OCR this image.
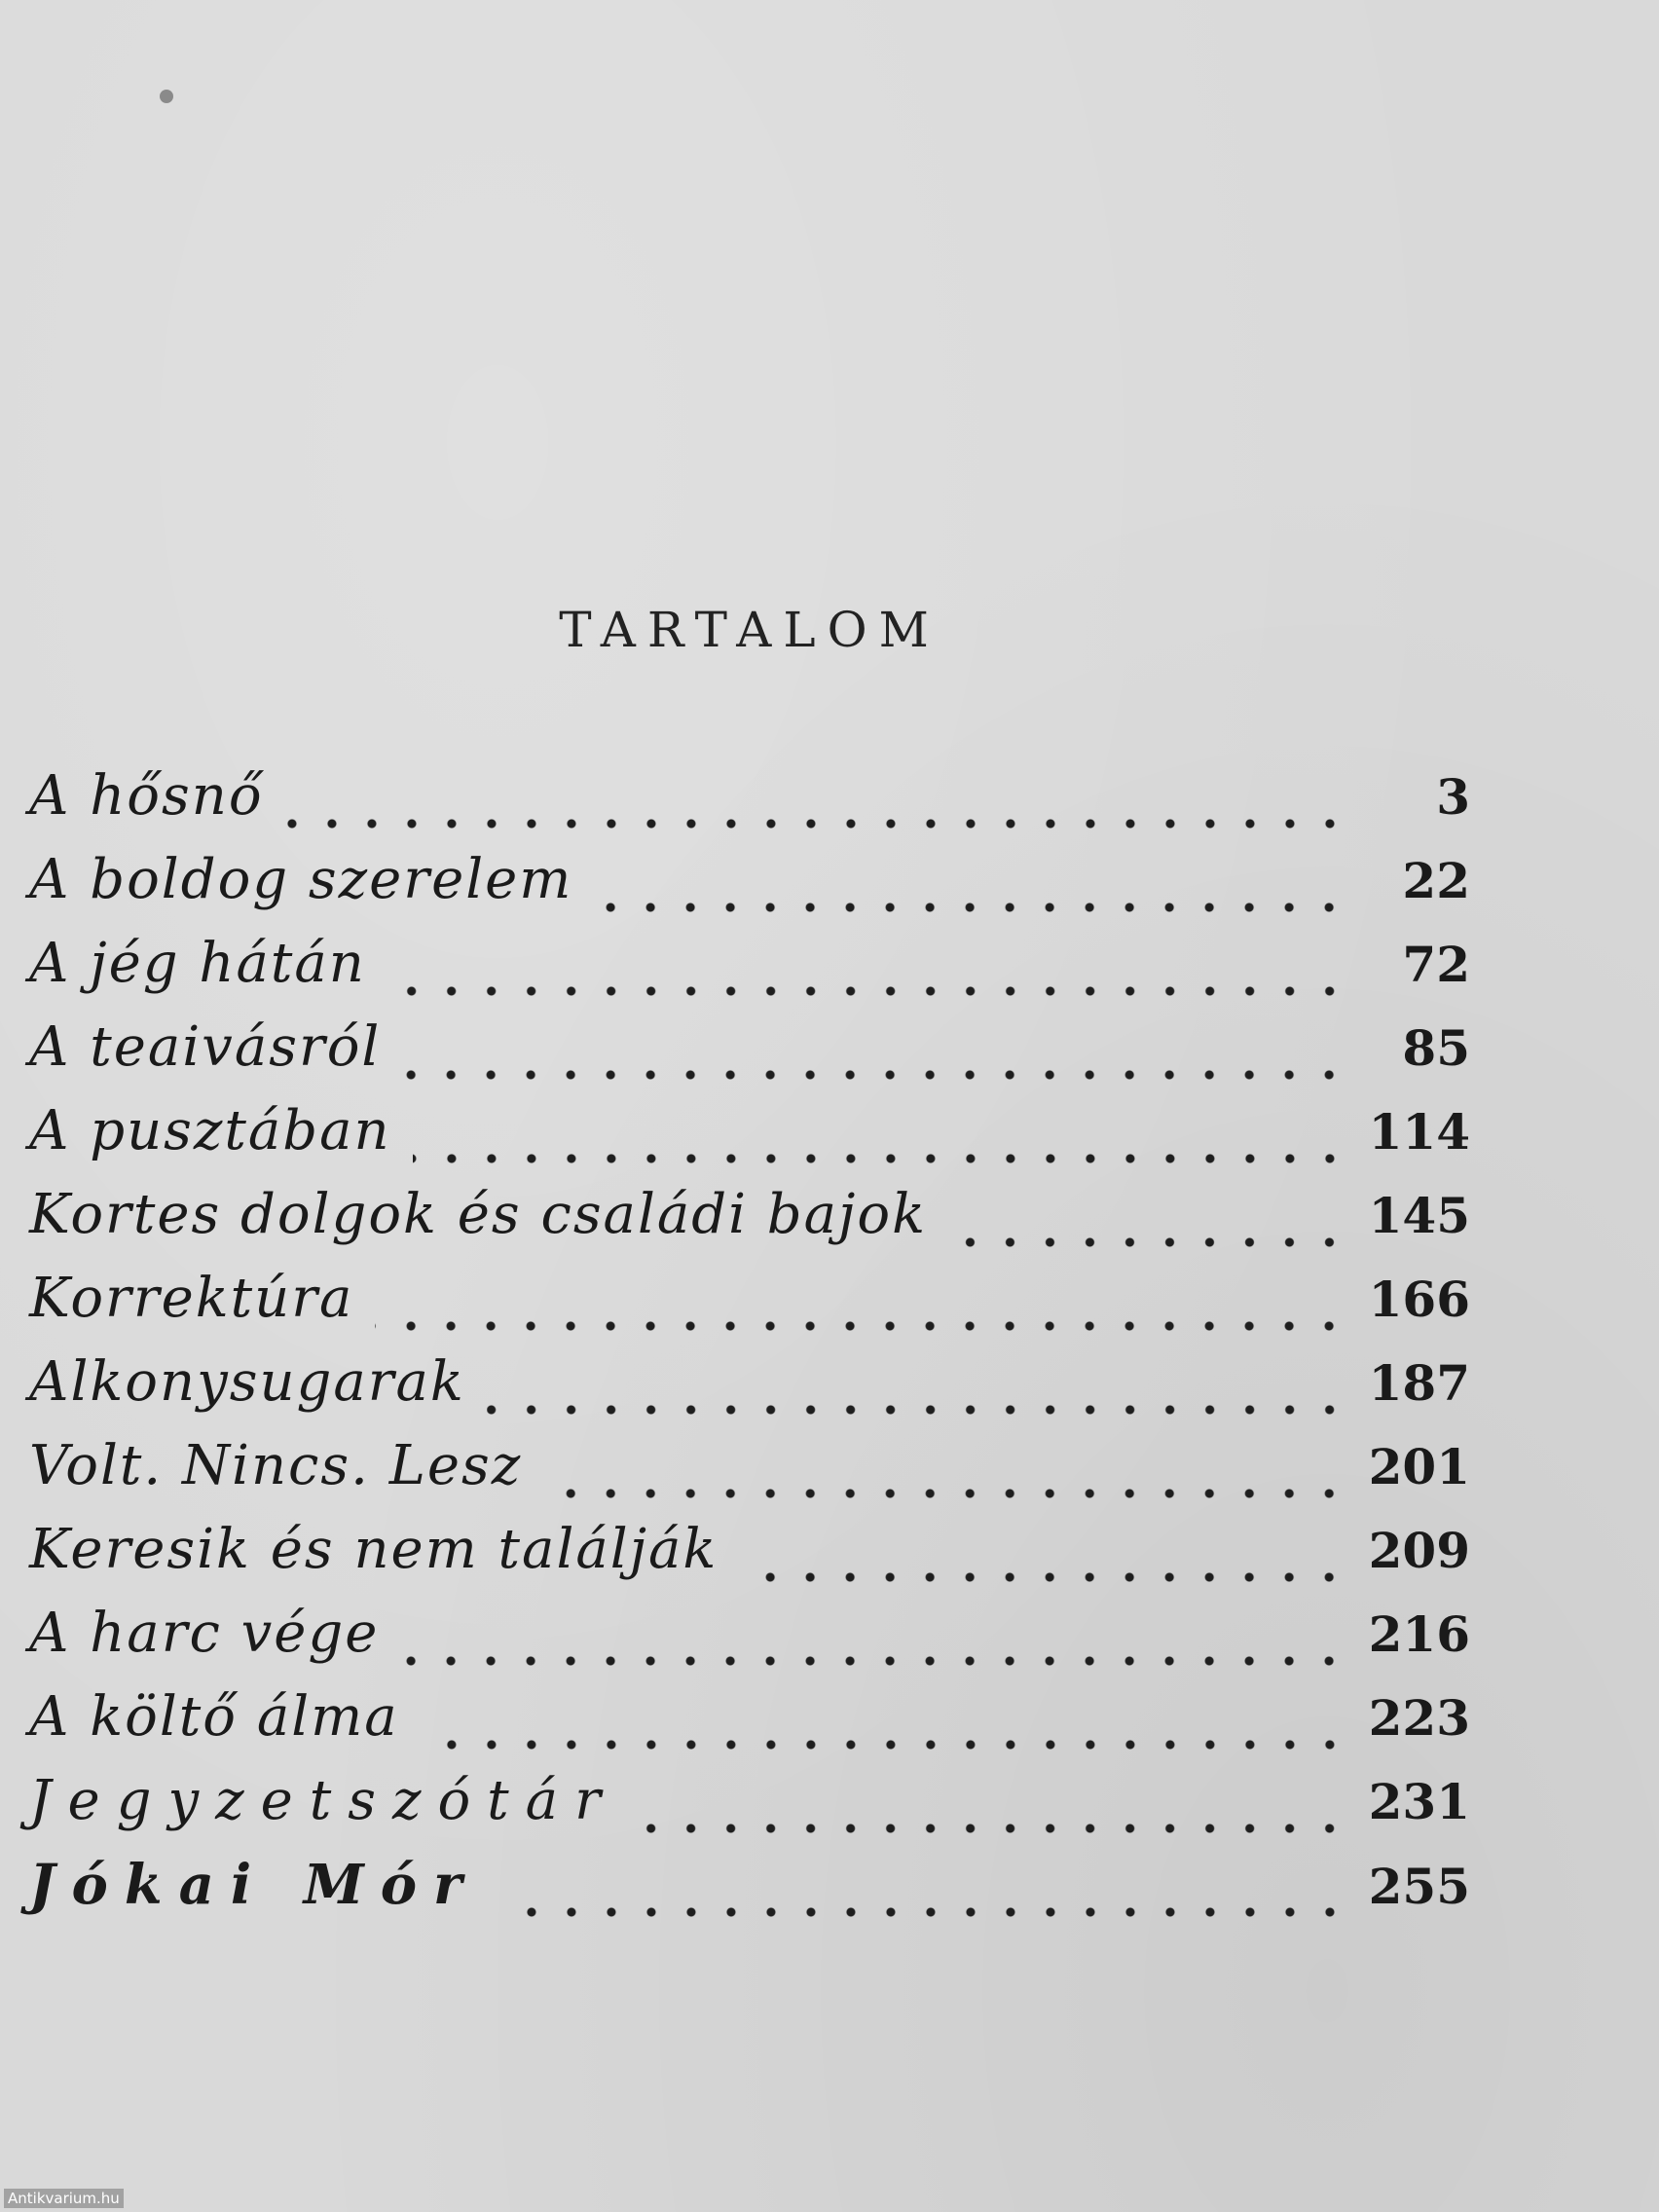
TARTALOM
A hősnő	3
A boldog szerelem	22
A jég hátán	72
A teaivásról	85
A pusztában	114
Kortes dolgok és családi bajok	145
Korrektúra	166
Alkonysugarak	187
Volt. Nincs. Lesz	201
Keresik és nem találják	209
A harc vége	216
A költő álma	223
Jegyzetszótár	231
Jókai Mór	255
Antikvarium.hu
